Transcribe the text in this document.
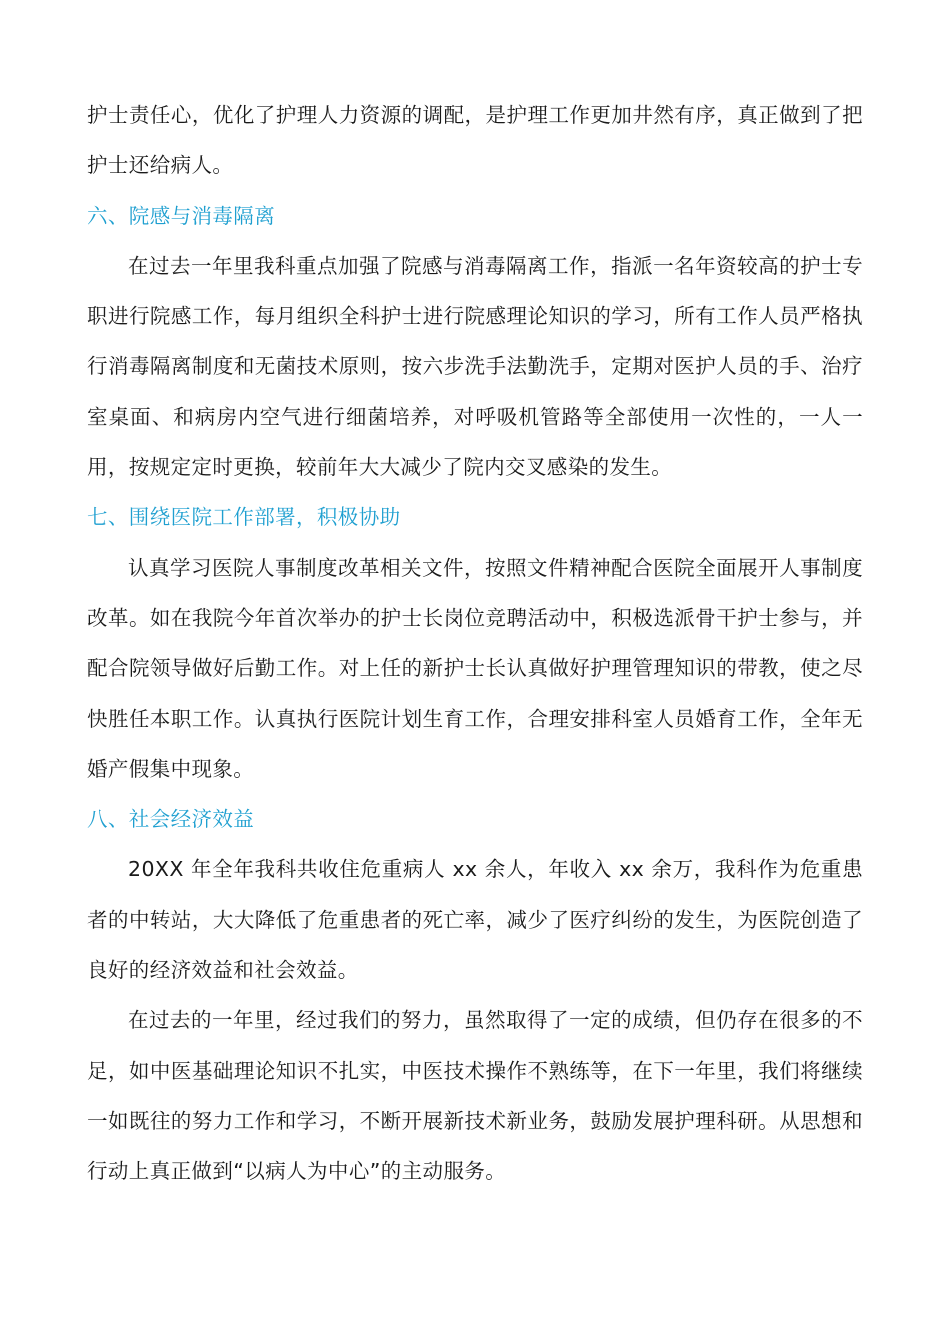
护士责任心，优化了护理人力资源的调配，是护理工作更加井然有序，真正做到了把护士还给病人。

六、院感与消毒隔离

在过去一年里我科重点加强了院感与消毒隔离工作，指派一名年资较高的护士专职进行院感工作，每月组织全科护士进行院感理论知识的学习，所有工作人员严格执行消毒隔离制度和无菌技术原则，按六步洗手法勤洗手，定期对医护人员的手、治疗室桌面、和病房内空气进行细菌培养，对呼吸机管路等全部使用一次性的，一人一用，按规定定时更换，较前年大大减少了院内交叉感染的发生。

七、围绕医院工作部署，积极协助

认真学习医院人事制度改革相关文件，按照文件精神配合医院全面展开人事制度改革。如在我院今年首次举办的护士长岗位竞聘活动中，积极选派骨干护士参与，并配合院领导做好后勤工作。对上任的新护士长认真做好护理管理知识的带教，使之尽快胜任本职工作。认真执行医院计划生育工作，合理安排科室人员婚育工作，全年无婚产假集中现象。

八、社会经济效益

20XX 年全年我科共收住危重病人 xx 余人，年收入 xx 余万，我科作为危重患者的中转站，大大降低了危重患者的死亡率，减少了医疗纠纷的发生，为医院创造了良好的经济效益和社会效益。

在过去的一年里，经过我们的努力，虽然取得了一定的成绩，但仍存在很多的不足，如中医基础理论知识不扎实，中医技术操作不熟练等，在下一年里，我们将继续一如既往的努力工作和学习，不断开展新技术新业务，鼓励发展护理科研。从思想和行动上真正做到“以病人为中心”的主动服务。
